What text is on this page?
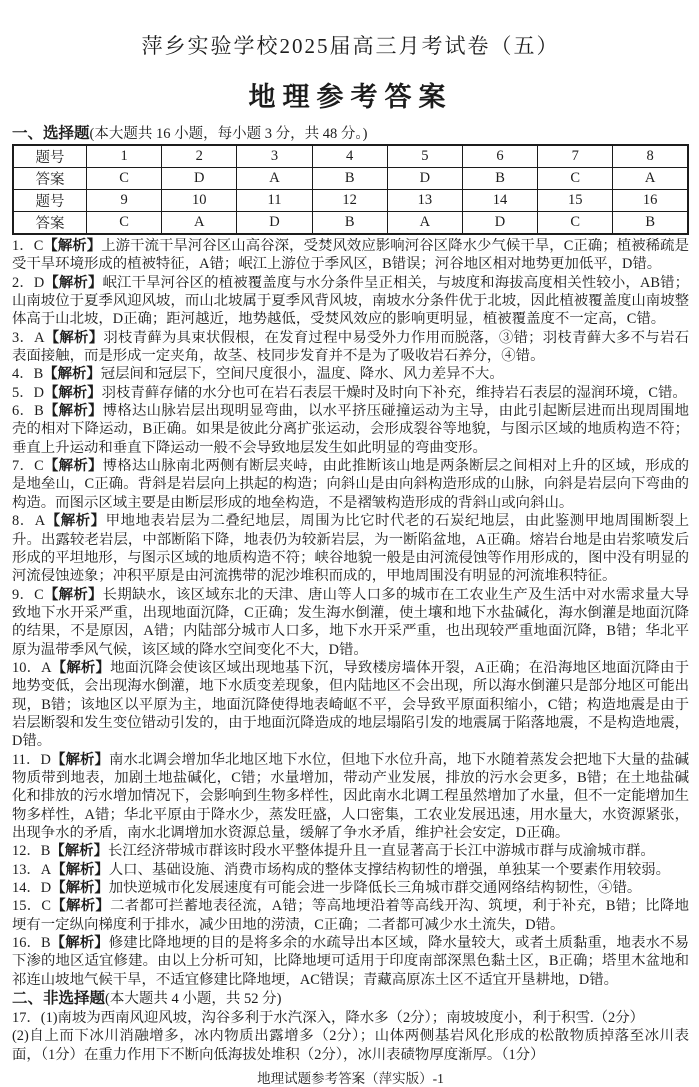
萍乡实验学校2025届高三月考试卷（五）
地理参考答案
一、选择题(本大题共 16 小题，每小题 3 分，共 48 分。)
题号	1	2	3	4	5	6	7	8
答案	C	D	A	B	D	B	C	A
题号	9	10	11	12	13	14	15	16
答案	C	A	D	B	A	D	C	B

1．C【解析】上游干流干旱河谷区山高谷深，受焚风效应影响河谷区降水少气候干旱，C正确；植被稀疏是受干旱环境形成的植被特征，A错；岷江上游位于季风区，B错误；河谷地区相对地势更加低平，D错。

2．D【解析】岷江干旱河谷区的植被覆盖度与水分条件呈正相关，与坡度和海拔高度相关性较小，AB错；山南坡位于夏季风迎风坡，而山北坡属于夏季风背风坡，南坡水分条件优于北坡，因此植被覆盖度山南坡整体高于山北坡，D正确；距河越近，地势越低，受焚风效应的影响更明显，植被覆盖度不一定高，C错。

3．A【解析】羽枝青藓为具束状假根，在发育过程中易受外力作用而脱落，③错；羽枝青藓大多不与岩石表面接触，而是形成一定夹角，故茎、枝同步发育并不是为了吸收岩石养分，④错。

4．B【解析】冠层间和冠层下，空间尺度很小，温度、降水、风力差异不大。

5．D【解析】羽枝青藓存储的水分也可在岩石表层干燥时及时向下补充，维持岩石表层的湿润环境，C错。

6．B【解析】博格达山脉岩层出现明显弯曲，以水平挤压碰撞运动为主导，由此引起断层进而出现周围地壳的相对下降运动，B正确。如果是彼此分离扩张运动，会形成裂谷等地貌，与图示区域的地质构造不符；垂直上升运动和垂直下降运动一般不会导致地层发生如此明显的弯曲变形。

7．C【解析】博格达山脉南北两侧有断层夹峙，由此推断该山地是两条断层之间相对上升的区域，形成的是地垒山，C正确。背斜是岩层向上拱起的构造；向斜山是由向斜构造形成的山脉，向斜是岩层向下弯曲的构造。而图示区域主要是由断层形成的地垒构造，不是褶皱构造形成的背斜山或向斜山。

8．A【解析】甲地地表岩层为二叠纪地层，周围为比它时代老的石炭纪地层，由此鉴测甲地周围断裂上升。出露较老岩层，中部断陷下降，地表仍为较新岩层，为一断陷盆地，A正确。熔岩台地是由岩浆喷发后形成的平坦地形，与图示区域的地质构造不符；峡谷地貌一般是由河流侵蚀等作用形成的，图中没有明显的河流侵蚀迹象；冲积平原是由河流携带的泥沙堆积而成的，甲地周围没有明显的河流堆积特征。

9．C【解析】长期缺水，该区域东北的天津、唐山等人口多的城市在工农业生产及生活中对水需求量大导致地下水开采严重，出现地面沉降，C正确；发生海水倒灌，使土壤和地下水盐碱化，海水倒灌是地面沉降的结果，不是原因，A错；内陆部分城市人口多，地下水开采严重，也出现较严重地面沉降，B错；华北平原为温带季风气候，该区域的降水空间变化不大，D错。

10．A【解析】地面沉降会使该区域出现地基下沉，导致楼房墙体开裂，A正确；在沿海地区地面沉降由于地势变低，会出现海水倒灌，地下水质变差现象，但内陆地区不会出现，所以海水倒灌只是部分地区可能出现，B错；该地区以平原为主，地面沉降使得地表崎岖不平，会导致平原面积缩小，C错；构造地震是由于岩层断裂和发生变位错动引发的，由于地面沉降造成的地层塌陷引发的地震属于陷落地震，不是构造地震，D错。

11．D【解析】南水北调会增加华北地区地下水位，但地下水位升高，地下水随着蒸发会把地下大量的盐碱物质带到地表，加剧土地盐碱化，C错；水量增加，带动产业发展，排放的污水会更多，B错；在土地盐碱化和排放的污水增加情况下，会影响到生物多样性，因此南水北调工程虽然增加了水量，但不一定能增加生物多样性，A错；华北平原由于降水少，蒸发旺盛，人口密集，工农业发展迅速，用水量大，水资源紧张，出现争水的矛盾，南水北调增加水资源总量，缓解了争水矛盾，维护社会安定，D正确。

12．B【解析】长江经济带城市群该时段水平整体提升且一直显著高于长江中游城市群与成渝城市群。

13．A【解析】人口、基础设施、消费市场构成的整体支撑结构韧性的增强，单独某一个要素作用较弱。

14．D【解析】加快逆城市化发展速度有可能会进一步降低长三角城市群交通网络结构韧性，④错。

15．C【解析】二者都可拦蓄地表径流，A错；等高地埂沿着等高线开沟、筑埂，利于补充，B错；比降地埂有一定纵向梯度利于排水，减少田地的涝渍，C正确；二者都可减少水土流失，D错。

16．B【解析】修建比降地埂的目的是将多余的水疏导出本区域，降水量较大，或者土质黏重，地表水不易下渗的地区适宜修建。由以上分析可知，比降地埂可适用于印度南部深黑色黏土区，B正确；塔里木盆地和祁连山坡地气候干旱，不适宜修建比降地埂，AC错误；青藏高原冻土区不适宜开垦耕地，D错。

二、非选择题(本大题共 4 小题，共 52 分)

17．(1)南坡为西南风迎风坡，沟谷多利于水汽深入，降水多（2分）；南坡坡度小，利于积雪.（2分）

(2)自上而下冰川消融增多，冰内物质出露增多（2分）；山体两侧基岩风化形成的松散物质掉落至冰川表面，（1分）在重力作用下不断向低海拔处堆积（2分），冰川表碛物厚度渐厚。（1分）

地理试题参考答案（萍实版）-1
